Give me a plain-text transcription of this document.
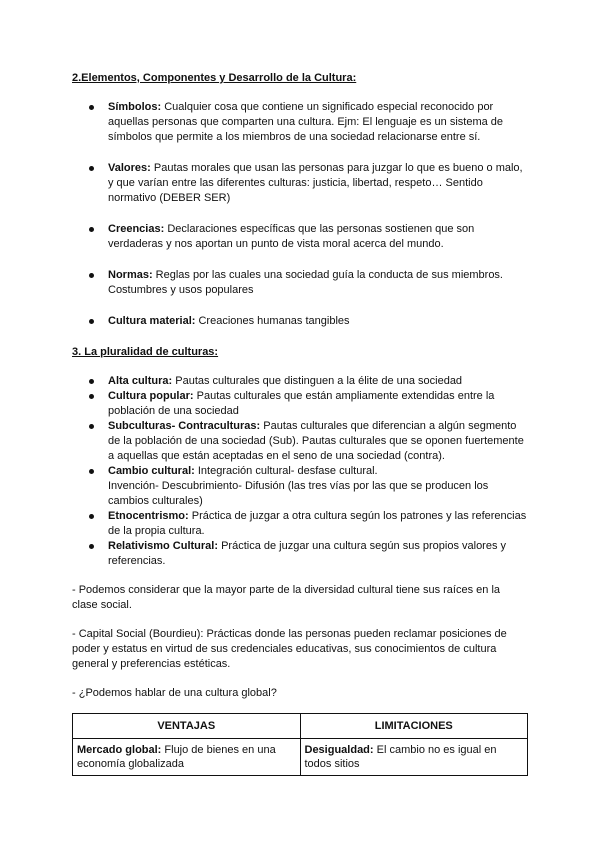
2.Elementos, Componentes y Desarrollo de la Cultura:
Símbolos: Cualquier cosa que contiene un significado especial reconocido por aquellas personas que comparten una cultura. Ejm: El lenguaje es un sistema de símbolos que permite a los miembros de una sociedad relacionarse entre sí.
Valores: Pautas morales que usan las personas para juzgar lo que es bueno o malo, y que varían entre las diferentes culturas: justicia, libertad, respeto… Sentido normativo (DEBER SER)
Creencias: Declaraciones específicas que las personas sostienen que son verdaderas y nos aportan un punto de vista moral acerca del mundo.
Normas: Reglas por las cuales una sociedad guía la conducta de sus miembros. Costumbres y usos populares
Cultura material: Creaciones humanas tangibles
3. La pluralidad de culturas:
Alta cultura: Pautas culturales que distinguen a la élite de una sociedad
Cultura popular: Pautas culturales que están ampliamente extendidas entre la población de una sociedad
Subculturas- Contraculturas: Pautas culturales que diferencian a algún segmento de la población de una sociedad (Sub). Pautas culturales que se oponen fuertemente a aquellas que están aceptadas en el seno de una sociedad (contra).
Cambio cultural: Integración cultural- desfase cultural.
Invención- Descubrimiento- Difusión (las tres vías por las que se producen los cambios culturales)
Etnocentrismo: Práctica de juzgar a otra cultura según los patrones y las referencias de la propia cultura.
Relativismo Cultural: Práctica de juzgar una cultura según sus propios valores y referencias.

- Podemos considerar que la mayor parte de la diversidad cultural tiene sus raíces en la clase social.

- Capital Social (Bourdieu): Prácticas donde las personas pueden reclamar posiciones de poder y estatus en virtud de sus credenciales educativas, sus conocimientos de cultura general y preferencias estéticas.

- ¿Podemos hablar de una cultura global?

VENTAJAS	LIMITACIONES
Mercado global: Flujo de bienes en una economía globalizada	Desigualdad: El cambio no es igual en todos sitios
